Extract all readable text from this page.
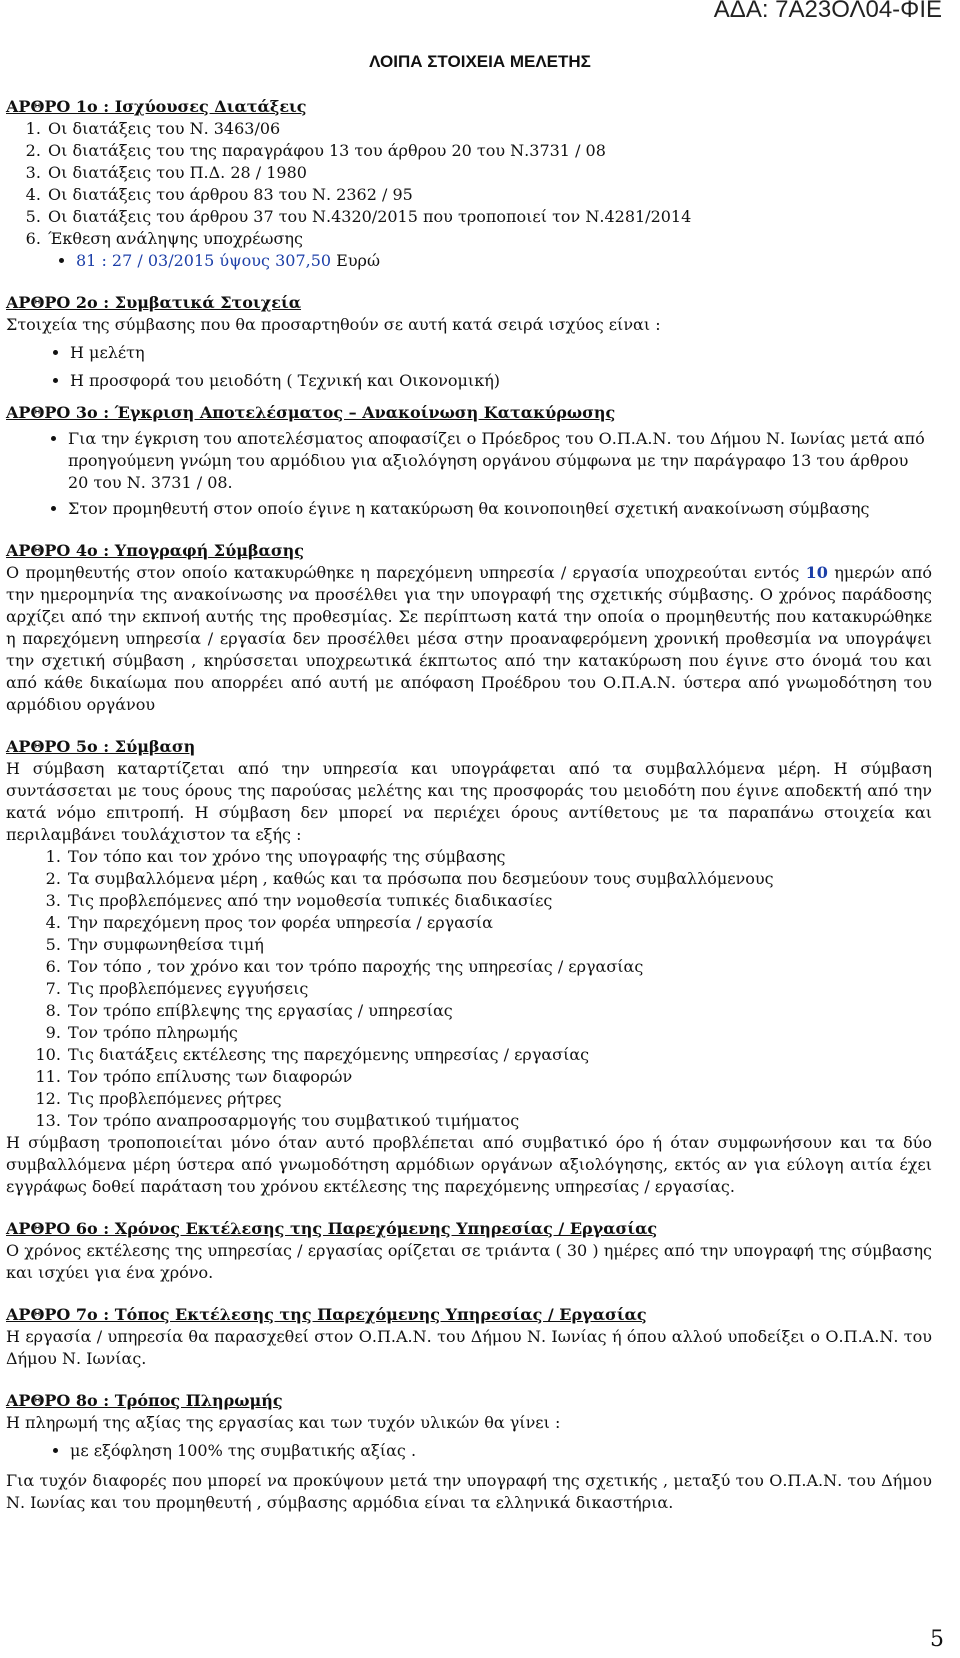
ΑΔΑ: 7Α23ΟΛ04-ΦΙΕ
ΛΟΙΠΑ ΣΤΟΙΧΕΙΑ ΜΕΛΕΤΗΣ

ΑΡΘΡΟ 1ο : Ισχύουσες Διατάξεις

1. Οι διατάξεις του Ν. 3463/06
2. Οι διατάξεις του της παραγράφου 13 του άρθρου 20 του Ν.3731 / 08
3. Οι διατάξεις του Π.Δ. 28 / 1980
4. Οι διατάξεις του άρθρου 83 του Ν. 2362 / 95
5. Οι διατάξεις του άρθρου 37 του Ν.4320/2015 που τροποποιεί τον Ν.4281/2014
6. Έκθεση ανάληψης υποχρέωσης
• 81 : 27 / 03/2015 ύψους 307,50 Ευρώ

ΑΡΘΡΟ 2ο : Συμβατικά Στοιχεία

Στοιχεία της σύμβασης που θα προσαρτηθούν σε αυτή κατά σειρά ισχύος είναι :

• Η μελέτη
• Η προσφορά του μειοδότη ( Τεχνική και Οικονομική)

ΑΡΘΡΟ 3ο : Έγκριση Αποτελέσματος – Ανακοίνωση Κατακύρωσης

• Για την έγκριση του αποτελέσματος αποφασίζει ο Πρόεδρος του Ο.Π.Α.Ν. του Δήμου Ν. Ιωνίας μετά από προηγούμενη γνώμη του αρμόδιου για αξιολόγηση οργάνου σύμφωνα με την παράγραφο 13 του άρθρου 20 του Ν. 3731 / 08.
• Στον προμηθευτή στον οποίο έγινε η κατακύρωση θα κοινοποιηθεί σχετική ανακοίνωση σύμβασης

ΑΡΘΡΟ 4ο : Υπογραφή Σύμβασης

Ο προμηθευτής στον οποίο κατακυρώθηκε η παρεχόμενη υπηρεσία / εργασία υποχρεούται εντός 10 ημερών από την ημερομηνία της ανακοίνωσης να προσέλθει για την υπογραφή της σχετικής σύμβασης. Ο χρόνος παράδοσης αρχίζει από την εκπνοή αυτής της προθεσμίας. Σε περίπτωση κατά την οποία ο προμηθευτής που κατακυρώθηκε η παρεχόμενη υπηρεσία / εργασία δεν προσέλθει μέσα στην προαναφερόμενη χρονική προθεσμία να υπογράψει την σχετική σύμβαση , κηρύσσεται υποχρεωτικά έκπτωτος από την κατακύρωση που έγινε στο όνομά του και από κάθε δικαίωμα που απορρέει από αυτή με απόφαση Προέδρου του Ο.Π.Α.Ν. ύστερα από γνωμοδότηση του αρμόδιου οργάνου

ΑΡΘΡΟ 5ο : Σύμβαση

Η σύμβαση καταρτίζεται από την υπηρεσία και υπογράφεται από τα συμβαλλόμενα μέρη. Η σύμβαση συντάσσεται με τους όρους της παρούσας μελέτης και της προσφοράς του μειοδότη που έγινε αποδεκτή από την κατά νόμο επιτροπή. Η σύμβαση δεν μπορεί να περιέχει όρους αντίθετους με τα παραπάνω στοιχεία και περιλαμβάνει τουλάχιστον τα εξής :

1. Τον τόπο και τον χρόνο της υπογραφής της σύμβασης
2. Τα συμβαλλόμενα μέρη , καθώς και τα πρόσωπα που δεσμεύουν τους συμβαλλόμενους
3. Τις προβλεπόμενες από την νομοθεσία τυπικές διαδικασίες
4. Την παρεχόμενη προς τον φορέα υπηρεσία / εργασία
5. Την συμφωνηθείσα τιμή
6. Τον τόπο , τον χρόνο και τον τρόπο παροχής της υπηρεσίας / εργασίας
7. Τις προβλεπόμενες εγγυήσεις
8. Τον τρόπο επίβλεψης της εργασίας / υπηρεσίας
9. Τον τρόπο πληρωμής
10. Τις διατάξεις εκτέλεσης της παρεχόμενης υπηρεσίας / εργασίας
11. Τον τρόπο επίλυσης των διαφορών
12. Τις προβλεπόμενες ρήτρες
13. Τον τρόπο αναπροσαρμογής του συμβατικού τιμήματος

Η σύμβαση τροποποιείται μόνο όταν αυτό προβλέπεται από συμβατικό όρο ή όταν συμφωνήσουν και τα δύο συμβαλλόμενα μέρη ύστερα από γνωμοδότηση αρμόδιων οργάνων αξιολόγησης, εκτός αν για εύλογη αιτία έχει εγγράφως δοθεί παράταση του χρόνου εκτέλεσης της παρεχόμενης υπηρεσίας / εργασίας.

ΑΡΘΡΟ 6ο : Χρόνος Εκτέλεσης της Παρεχόμενης Υπηρεσίας / Εργασίας

Ο χρόνος εκτέλεσης της υπηρεσίας / εργασίας ορίζεται σε τριάντα ( 30 ) ημέρες από την υπογραφή της σύμβασης και ισχύει για ένα χρόνο.

ΑΡΘΡΟ 7ο : Τόπος Εκτέλεσης της Παρεχόμενης Υπηρεσίας / Εργασίας

Η εργασία / υπηρεσία θα παρασχεθεί στον Ο.Π.Α.Ν. του Δήμου Ν. Ιωνίας ή όπου αλλού υποδείξει ο Ο.Π.Α.Ν. του Δήμου Ν. Ιωνίας.

ΑΡΘΡΟ 8ο : Τρόπος Πληρωμής

Η πληρωμή της αξίας της εργασίας και των τυχόν υλικών θα γίνει :

• με εξόφληση 100% της συμβατικής αξίας .

Για τυχόν διαφορές που μπορεί να προκύψουν μετά την υπογραφή της σχετικής , μεταξύ του Ο.Π.Α.Ν. του Δήμου Ν. Ιωνίας και του προμηθευτή , σύμβασης αρμόδια είναι τα ελληνικά δικαστήρια.

5
